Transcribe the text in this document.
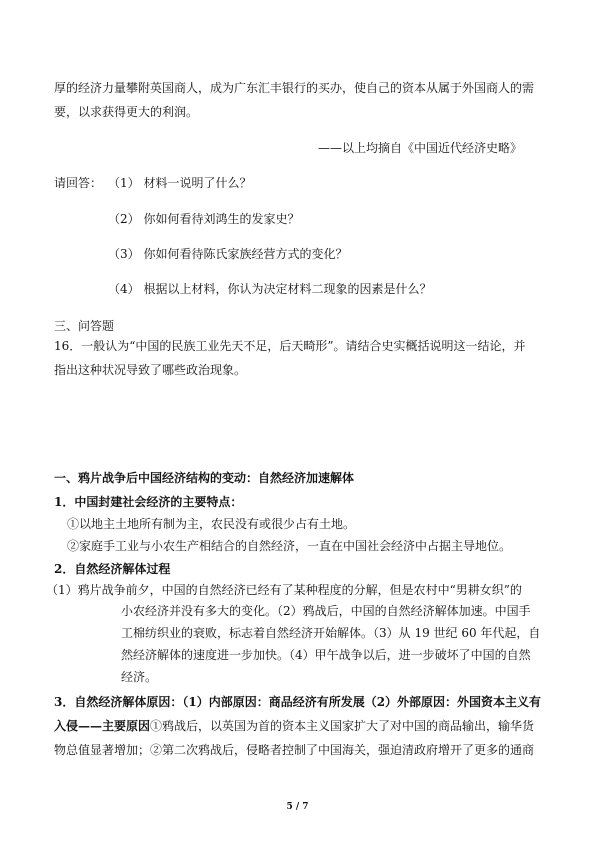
厚的经济力量攀附英国商人，成为广东汇丰银行的买办，使自己的资本从属于外国商人的需

要，以求获得更大的利润。

——以上均摘自《中国近代经济史略》

请回答： （1） 材料一说明了什么？

（2） 你如何看待刘鸿生的发家史？

（3） 你如何看待陈氏家族经营方式的变化？

（4） 根据以上材料，你认为决定材料二现象的因素是什么？

三、问答题

16．一般认为“中国的民族工业先天不足，后天畸形”。请结合史实概括说明这一结论，并

指出这种状况导致了哪些政治现象。

一、鸦片战争后中国经济结构的变动：自然经济加速解体

1．中国封建社会经济的主要特点：

①以地主土地所有制为主，农民没有或很少占有土地。

②家庭手工业与小农生产相结合的自然经济，一直在中国社会经济中占据主导地位。

2．自然经济解体过程

（1）鸦片战争前夕，中国的自然经济已经有了某种程度的分解，但是农村中“男耕女织”的

小农经济并没有多大的变化。（2）鸦战后，中国的自然经济解体加速。中国手

工棉纺织业的衰败，标志着自然经济开始解体。（3）从 19 世纪 60 年代起，自

然经济解体的速度进一步加快。（4）甲午战争以后，进一步破坏了中国的自然

经济。

3．自然经济解体原因：（1）内部原因：商品经济有所发展（2）外部原因：外国资本主义有

入侵——主要原因①鸦战后，以英国为首的资本主义国家扩大了对中国的商品输出，输华货

物总值显著增加；②第二次鸦战后，侵略者控制了中国海关，强迫清政府增开了更多的通商

5 / 7
